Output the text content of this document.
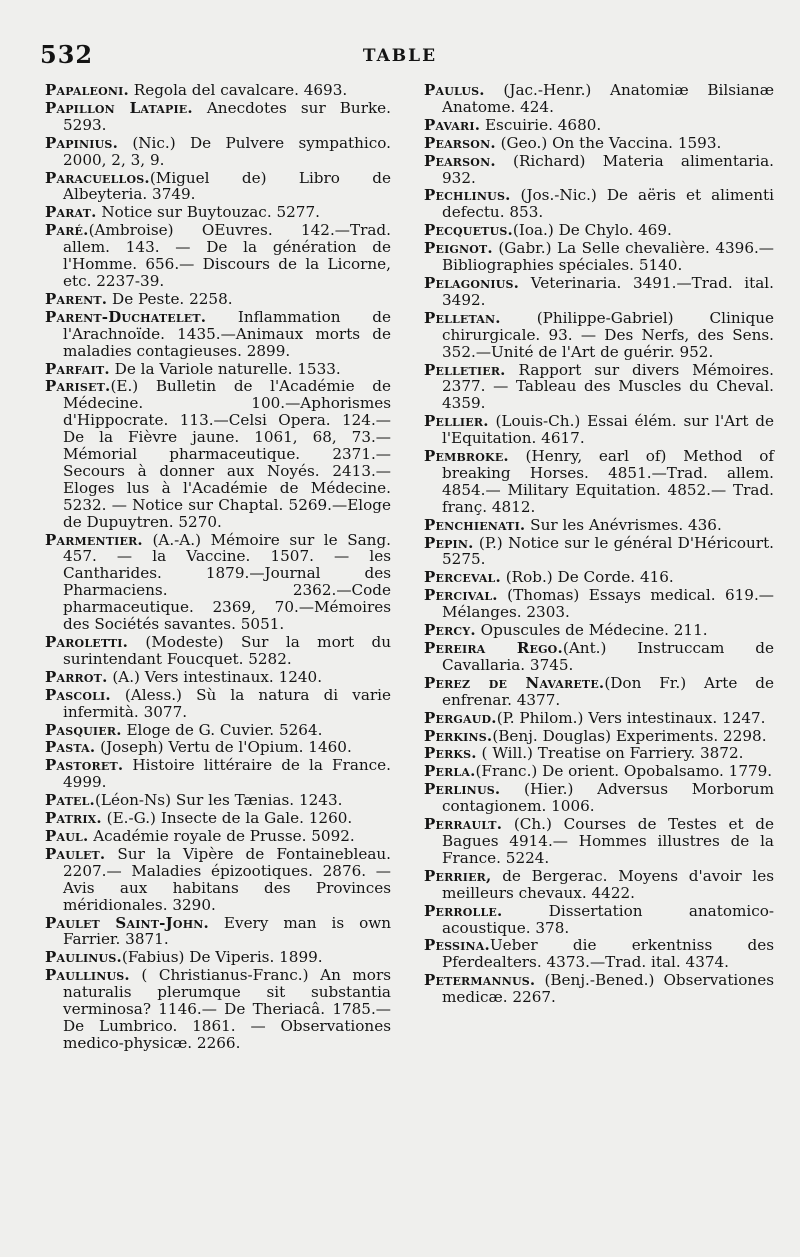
532	TABLE

Papaleoni. Regola del cavalcare. 4693.

Papillon Latapie. Anecdotes sur Burke. 5293.

Papinius. (Nic.) De Pulvere sympathico. 2000, 2, 3, 9.

Paracuellos.(Miguel de) Libro de Albeyteria. 3749.

Parat. Notice sur Buytouzac. 5277.

Paré.(Ambroise) OEuvres. 142.—Trad. allem. 143. — De la génération de l'Homme. 656.— Discours de la Licorne, etc. 2237-39.

Parent. De Peste. 2258.

Parent-Duchatelet. Inflammation de l'Arachnoïde. 1435.—Animaux morts de maladies contagieuses. 2899.

Parfait. De la Variole naturelle. 1533.

Pariset.(E.) Bulletin de l'Académie de Médecine. 100.—Aphorismes d'Hippocrate. 113.—Celsi Opera. 124.—De la Fièvre jaune. 1061, 68, 73.—Mémorial pharmaceutique. 2371.—Secours à donner aux Noyés. 2413.—Eloges lus à l'Académie de Médecine. 5232. — Notice sur Chaptal. 5269.—Eloge de Dupuytren. 5270.

Parmentier. (A.-A.) Mémoire sur le Sang. 457. — la Vaccine. 1507. — les Cantharides. 1879.—Journal des Pharmaciens. 2362.—Code pharmaceutique. 2369, 70.—Mémoires des Sociétés savantes. 5051.

Paroletti. (Modeste) Sur la mort du surintendant Foucquet. 5282.

Parrot. (A.) Vers intestinaux. 1240.

Pascoli. (Aless.) Sù la natura di varie infermità. 3077.

Pasquier. Eloge de G. Cuvier. 5264.

Pasta. (Joseph) Vertu de l'Opium. 1460.

Pastoret. Histoire littéraire de la France. 4999.

Patel.(Léon-Ns) Sur les Tænias. 1243.

Patrix. (E.-G.) Insecte de la Gale. 1260.

Paul. Académie royale de Prusse. 5092.

Paulet. Sur la Vipère de Fontainebleau. 2207.— Maladies épizootiques. 2876. — Avis aux habitans des Provinces méridionales. 3290.

Paulet Saint-John. Every man is own Farrier. 3871.

Paulinus.(Fabius) De Viperis. 1899.

Paullinus. ( Christianus-Franc.) An mors naturalis plerumque sit substantia verminosa? 1146.— De Theriacâ. 1785.— De Lumbrico. 1861. — Observationes medico-physicæ. 2266.

Paulus. (Jac.-Henr.) Anatomiæ Bilsianæ Anatome. 424.

Pavari. Escuirie. 4680.

Pearson. (Geo.) On the Vaccina. 1593.

Pearson. (Richard) Materia alimentaria. 932.

Pechlinus. (Jos.-Nic.) De aëris et alimenti defectu. 853.

Pecquetus.(Ioa.) De Chylo. 469.

Peignot. (Gabr.) La Selle chevalière. 4396.—Bibliographies spéciales. 5140.

Pelagonius. Veterinaria. 3491.—Trad. ital. 3492.

Pelletan. (Philippe-Gabriel) Clinique chirurgicale. 93. — Des Nerfs, des Sens. 352.—Unité de l'Art de guérir. 952.

Pelletier. Rapport sur divers Mémoires. 2377. — Tableau des Muscles du Cheval. 4359.

Pellier. (Louis-Ch.) Essai élém. sur l'Art de l'Equitation. 4617.

Pembroke. (Henry, earl of) Method of breaking Horses. 4851.—Trad. allem. 4854.— Military Equitation. 4852.— Trad. franç. 4812.

Penchienati. Sur les Anévrismes. 436.

Pepin. (P.) Notice sur le général D'Héricourt. 5275.

Perceval. (Rob.) De Corde. 416.

Percival. (Thomas) Essays medical. 619.—Mélanges. 2303.

Percy. Opuscules de Médecine. 211.

Pereira Rego.(Ant.) Instruccam de Cavallaria. 3745.

Perez de Navarete.(Don Fr.) Arte de enfrenar. 4377.

Pergaud.(P. Philom.) Vers intestinaux. 1247.

Perkins.(Benj. Douglas) Experiments. 2298.

Perks. ( Will.) Treatise on Farriery. 3872.

Perla.(Franc.) De orient. Opobalsamo. 1779.

Perlinus. (Hier.) Adversus Morborum contagionem. 1006.

Perrault. (Ch.) Courses de Testes et de Bagues 4914.— Hommes illustres de la France. 5224.

Perrier, de Bergerac. Moyens d'avoir les meilleurs chevaux. 4422.

Perrolle. Dissertation anatomico-acoustique. 378.

Pessina.Ueber die erkentniss des Pferdealters. 4373.—Trad. ital. 4374.

Petermannus. (Benj.-Bened.) Observationes medicæ. 2267.
